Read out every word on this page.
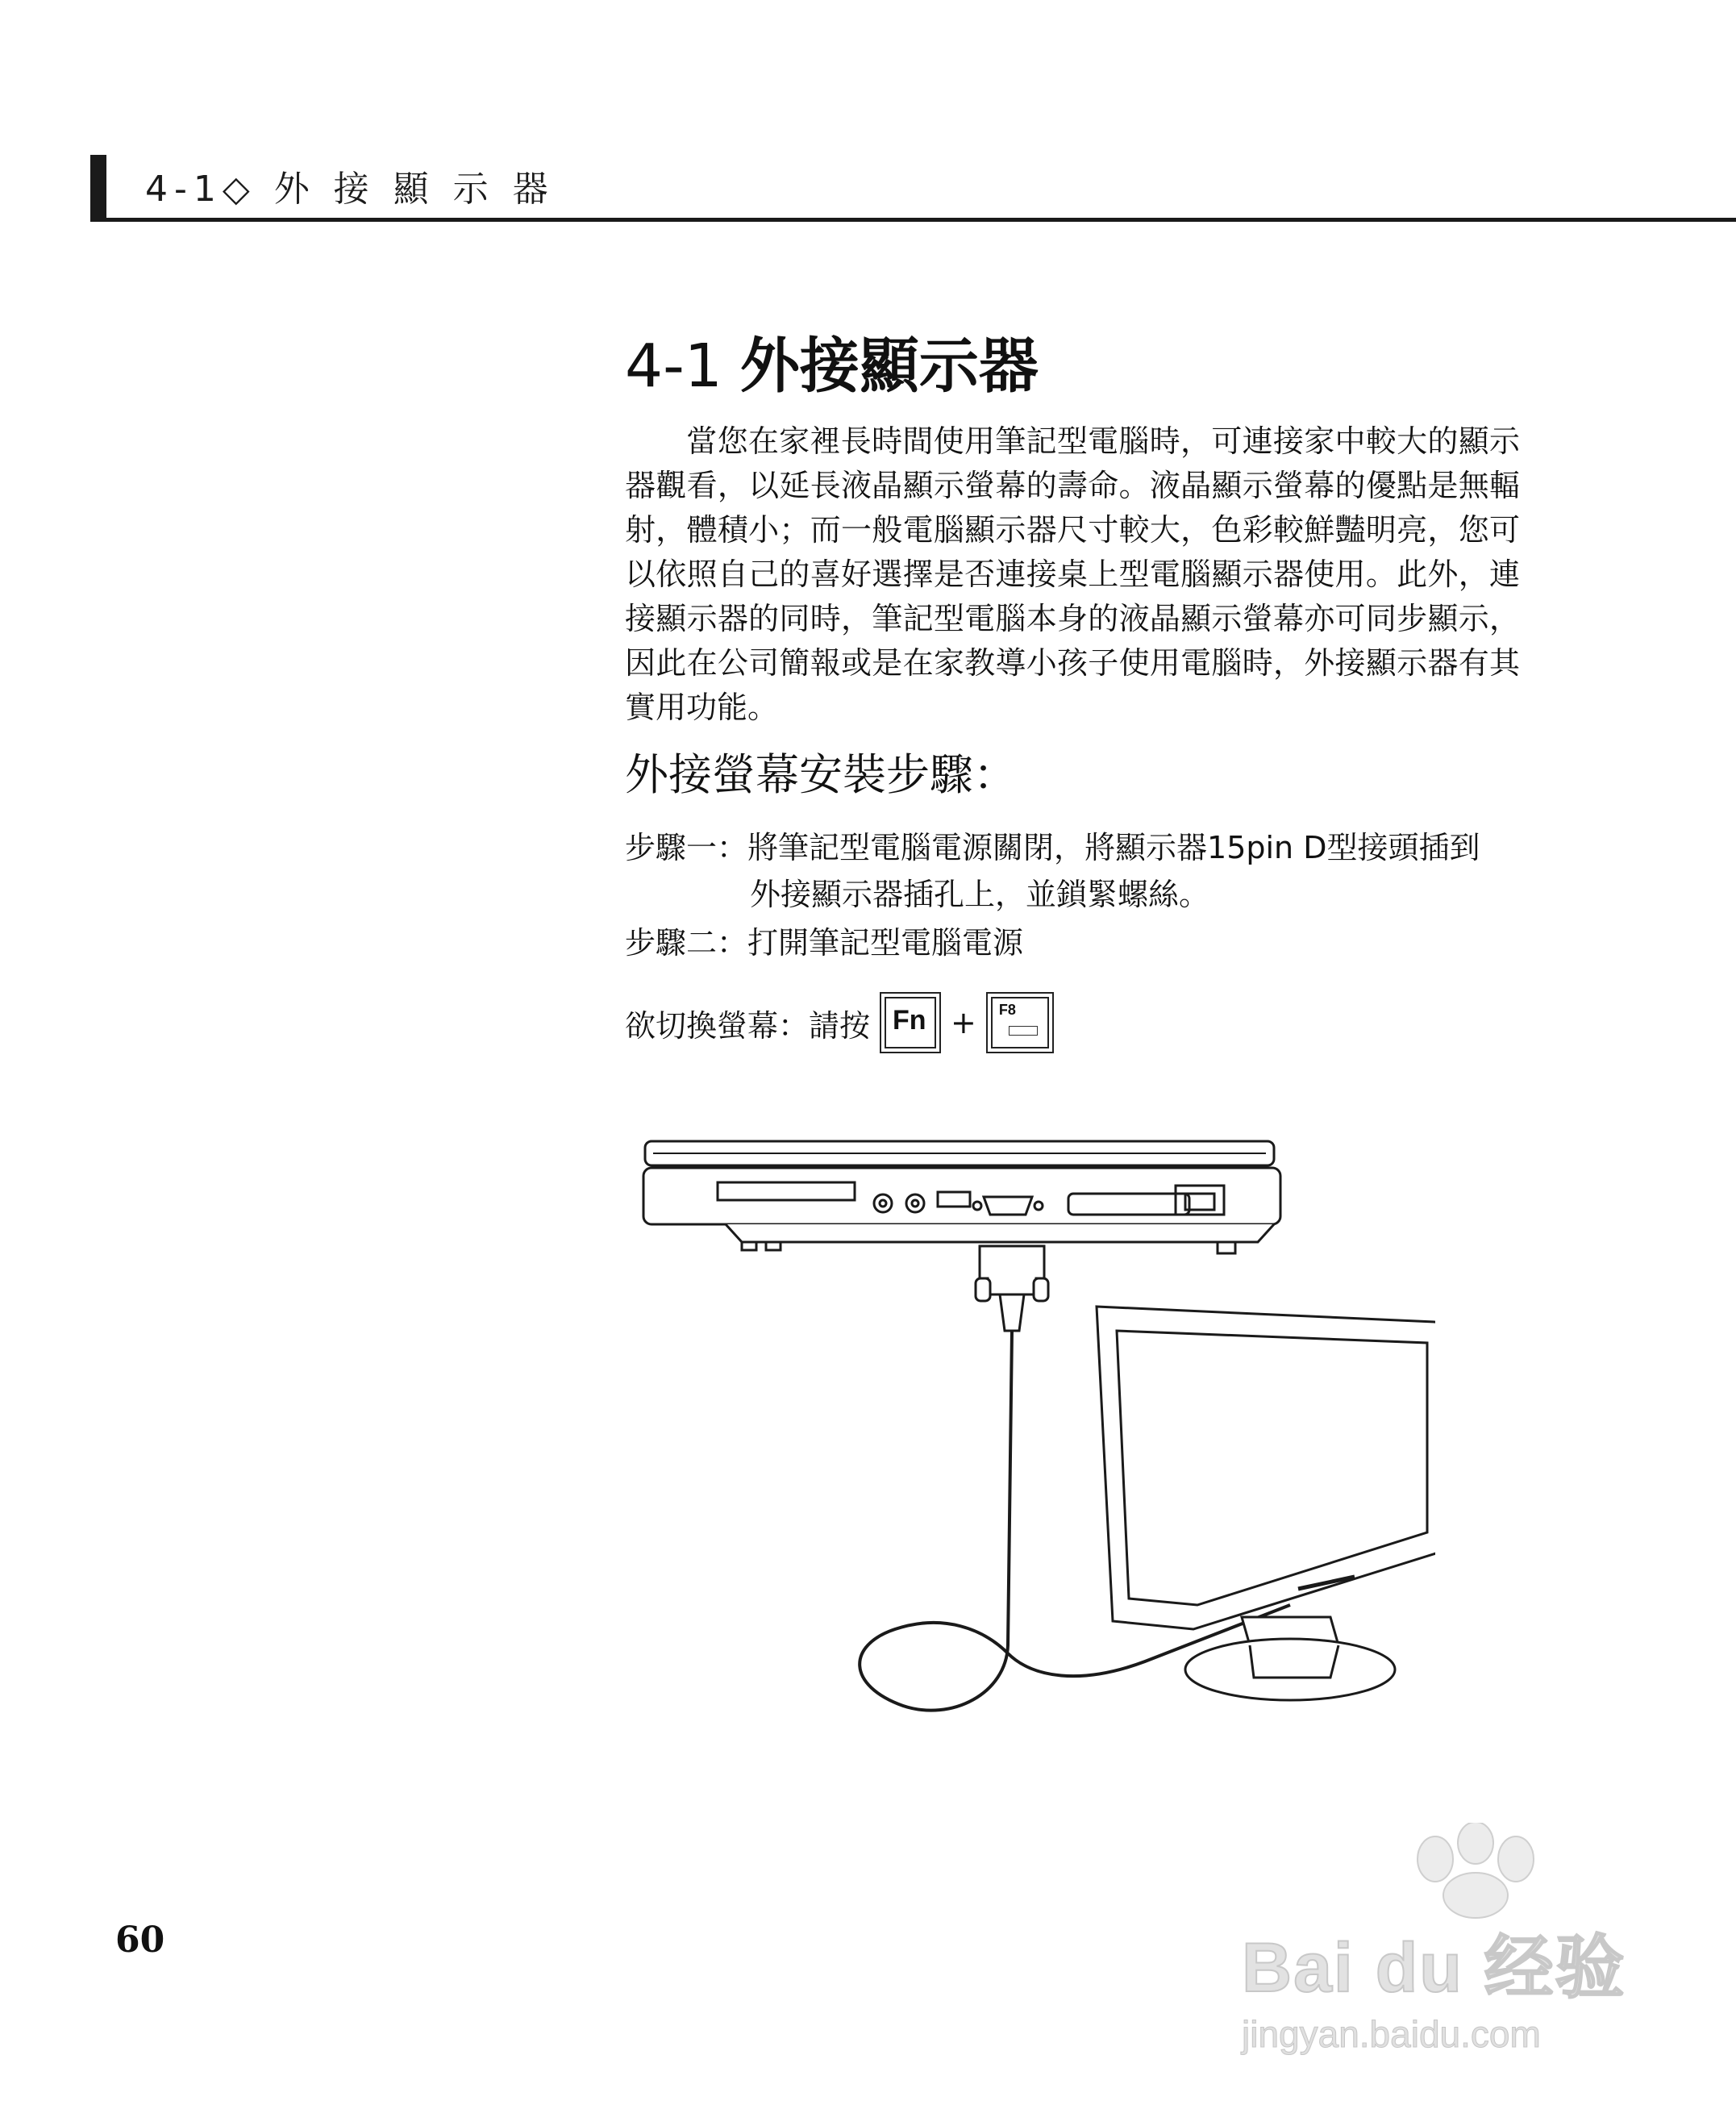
4-1◇ 外 接 顯 示 器
4-1 外接顯示器
當您在家裡長時間使用筆記型電腦時，可連接家中較大的顯示器觀看，以延長液晶顯示螢幕的壽命。液晶顯示螢幕的優點是無輻射，體積小；而一般電腦顯示器尺寸較大，色彩較鮮豔明亮，您可以依照自己的喜好選擇是否連接桌上型電腦顯示器使用。此外，連接顯示器的同時，筆記型電腦本身的液晶顯示螢幕亦可同步顯示，因此在公司簡報或是在家教導小孩子使用電腦時，外接顯示器有其實用功能。
外接螢幕安裝步驟：
步驟一：將筆記型電腦電源關閉，將顯示器15pin D型接頭插到
外接顯示器插孔上，並鎖緊螺絲。
步驟二：打開筆記型電腦電源
欲切換螢幕：請按 Fn + F8
60	Bai du 经验
jingyan.baidu.com
